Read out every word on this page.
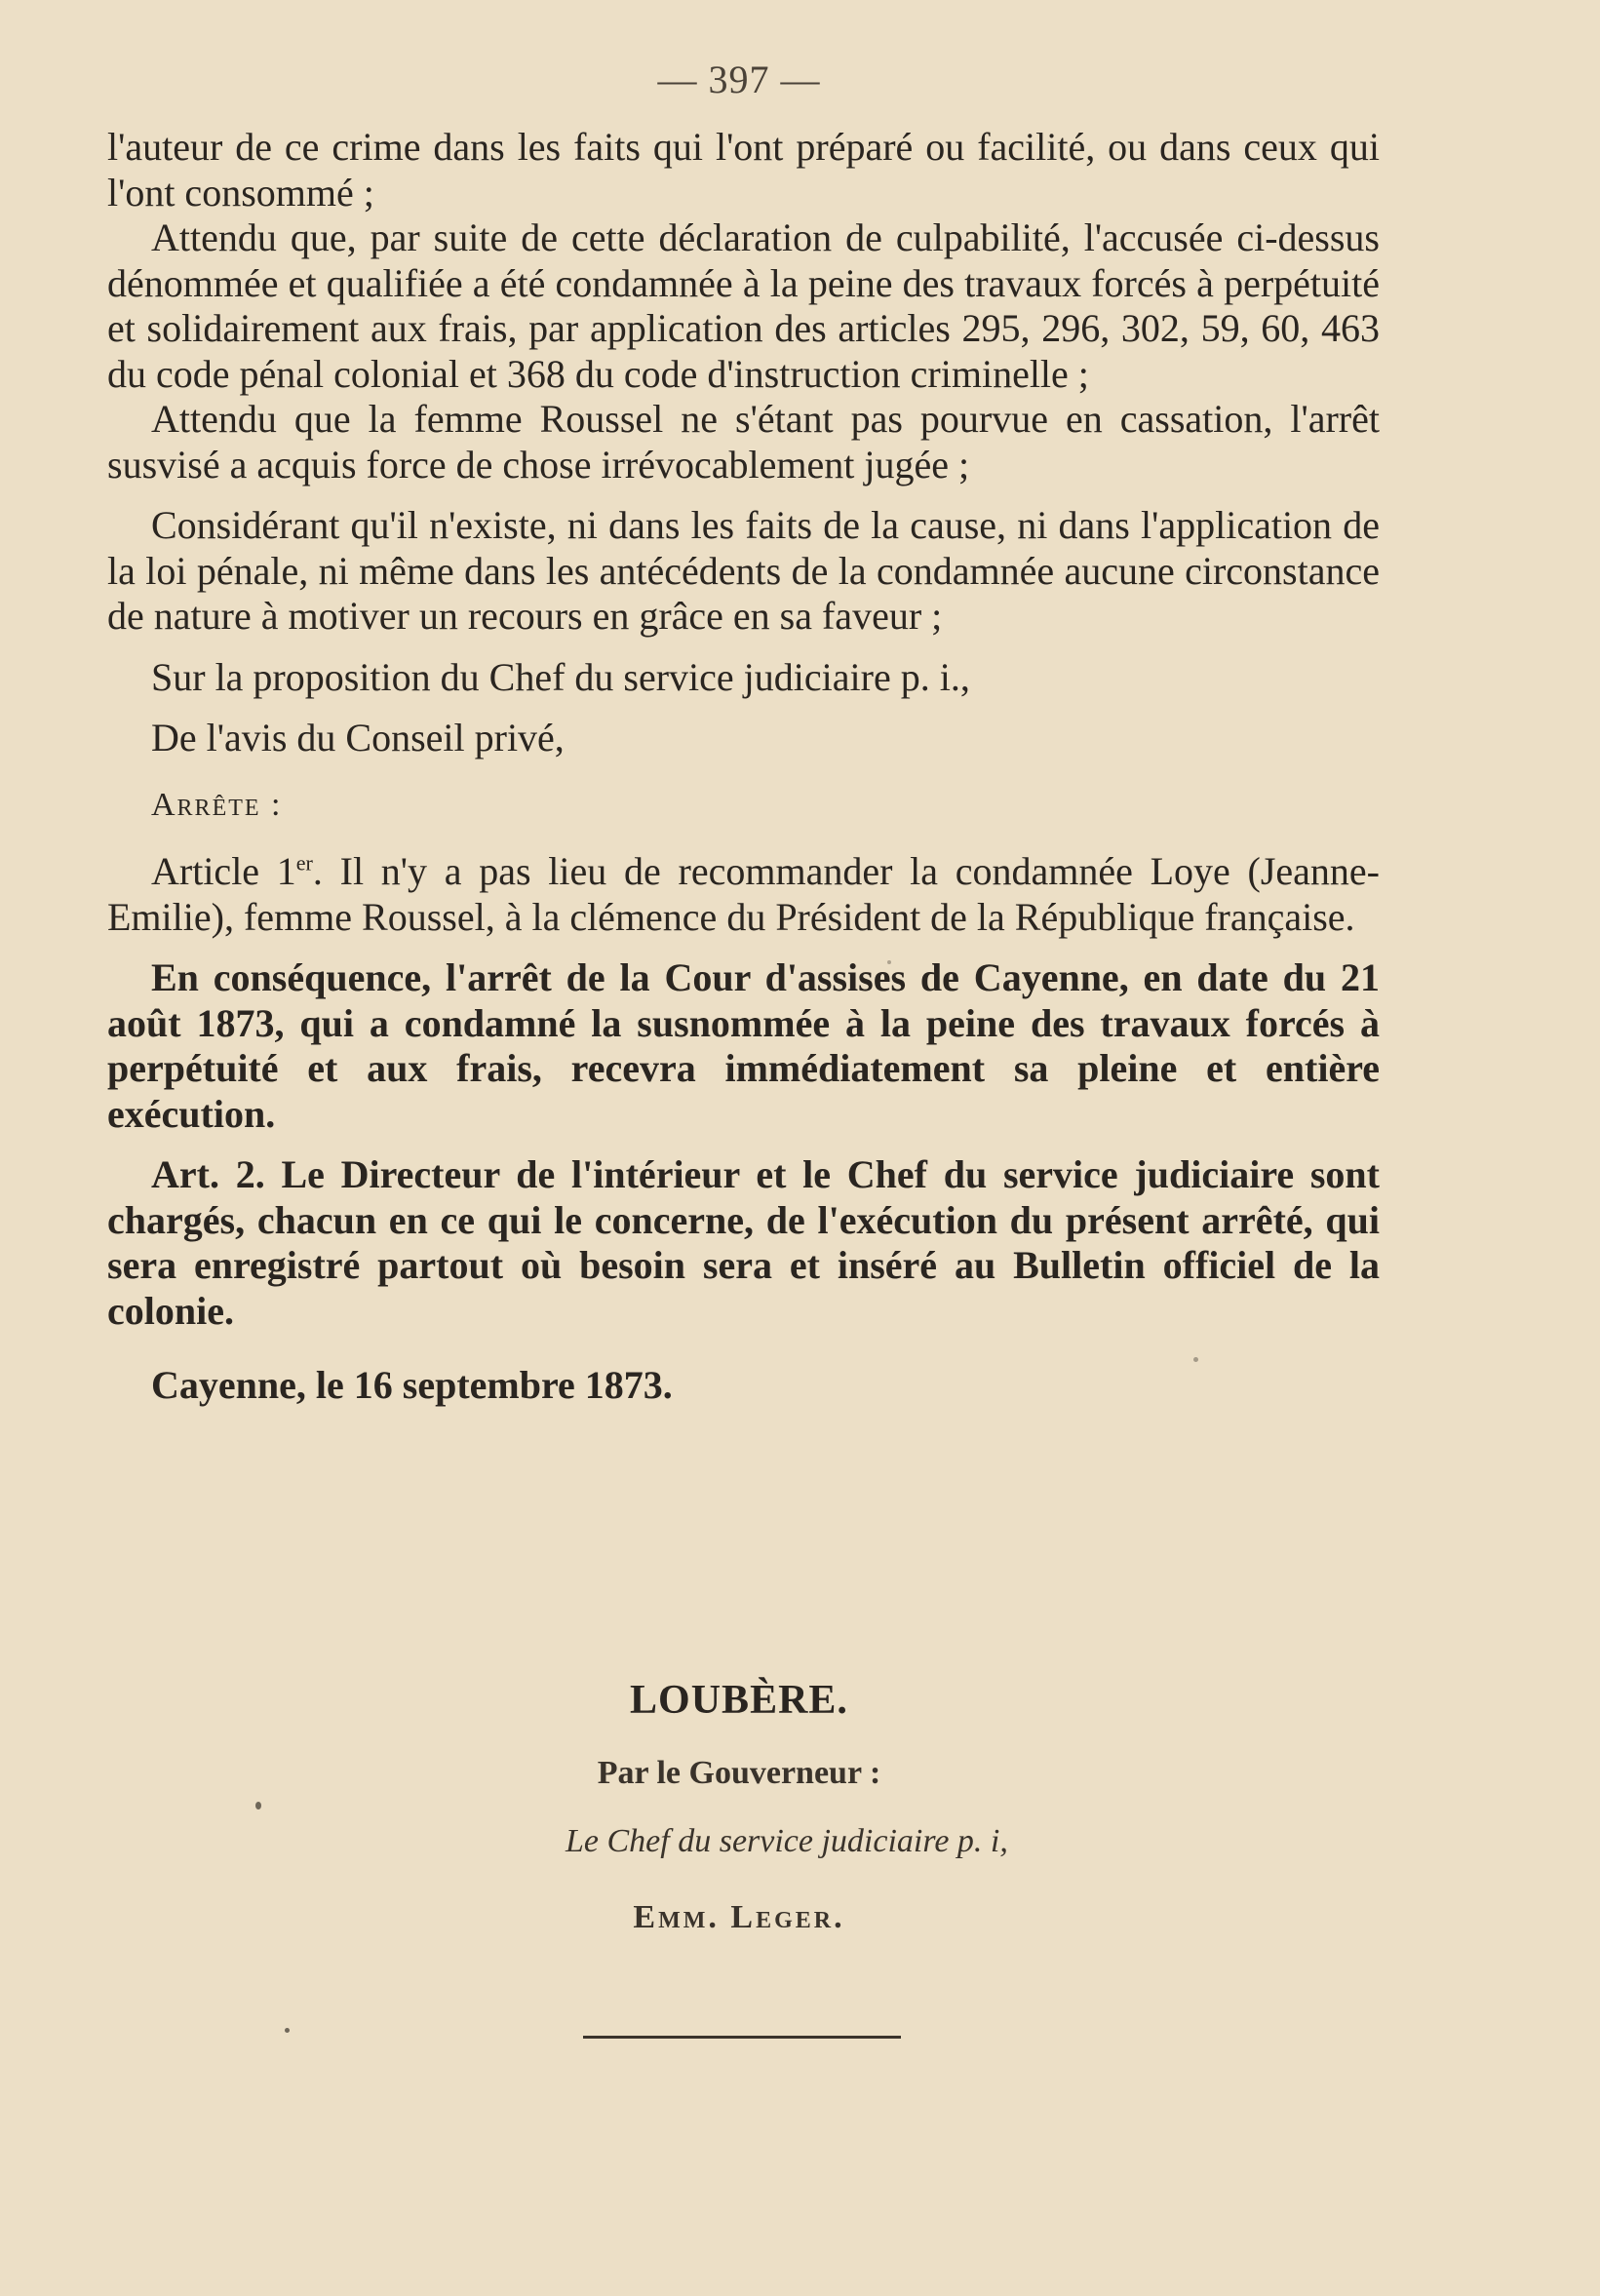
— 397 —

l'auteur de ce crime dans les faits qui l'ont préparé ou facilité, ou dans ceux qui l'ont consommé ;

Attendu que, par suite de cette déclaration de culpabilité, l'accusée ci-dessus dénommée et qualifiée a été condamnée à la peine des travaux forcés à perpétuité et solidairement aux frais, par application des articles 295, 296, 302, 59, 60, 463 du code pénal colonial et 368 du code d'instruction criminelle ;

Attendu que la femme Roussel ne s'étant pas pourvue en cassation, l'arrêt susvisé a acquis force de chose irrévocablement jugée ;

Considérant qu'il n'existe, ni dans les faits de la cause, ni dans l'application de la loi pénale, ni même dans les antécédents de la condamnée aucune circonstance de nature à motiver un recours en grâce en sa faveur ;

Sur la proposition du Chef du service judiciaire p. i.,

De l'avis du Conseil privé,

Arrête :

Article 1er. Il n'y a pas lieu de recommander la condamnée Loye (Jeanne-Emilie), femme Roussel, à la clémence du Président de la République française.

En conséquence, l'arrêt de la Cour d'assises de Cayenne, en date du 21 août 1873, qui a condamné la susnommée à la peine des travaux forcés à perpétuité et aux frais, recevra immédiatement sa pleine et entière exécution.

Art. 2. Le Directeur de l'intérieur et le Chef du service judiciaire sont chargés, chacun en ce qui le concerne, de l'exécution du présent arrêté, qui sera enregistré partout où besoin sera et inséré au Bulletin officiel de la colonie.

Cayenne, le 16 septembre 1873.

LOUBÈRE.
Par le Gouverneur :
Le Chef du service judiciaire p. i,
Emm. Leger.
